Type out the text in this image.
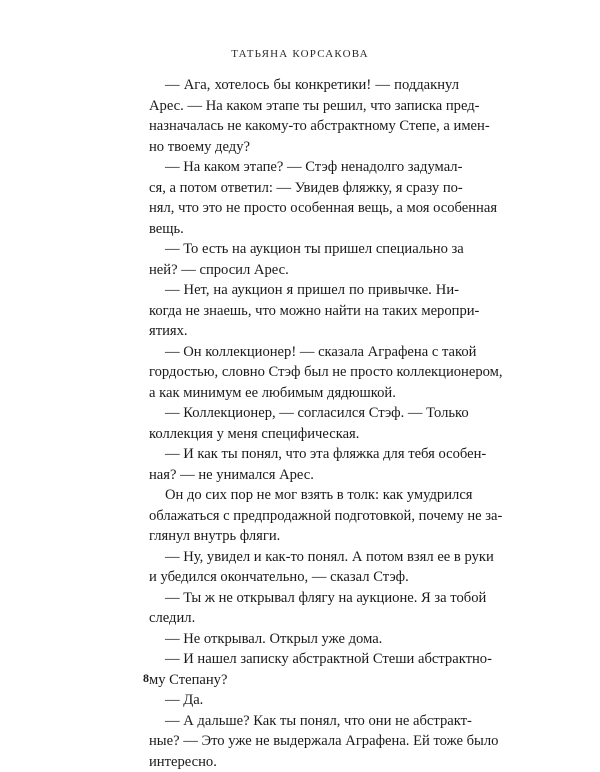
ТАТЬЯНА КОРСАКОВА
— Ага, хотелось бы конкретики! — поддакнул
Арес. — На каком этапе ты решил, что записка пред-
назначалась не какому-то абстрактному Степе, а имен-
но твоему деду?
— На каком этапе? — Стэф ненадолго задумал-
ся, а потом ответил: — Увидев фляжку, я сразу по-
нял, что это не просто особенная вещь, а моя особенная
вещь.
— То есть на аукцион ты пришел специально за
ней? — спросил Арес.
— Нет, на аукцион я пришел по привычке. Ни-
когда не знаешь, что можно найти на таких меропри-
ятиях.
— Он коллекционер! — сказала Аграфена с такой
гордостью, словно Стэф был не просто коллекционером,
а как минимум ее любимым дядюшкой.
— Коллекционер, — согласился Стэф. — Только
коллекция у меня специфическая.
— И как ты понял, что эта фляжка для тебя особен-
ная? — не унимался Арес.
Он до сих пор не мог взять в толк: как умудрился
облажаться с предпродажной подготовкой, почему не за-
глянул внутрь фляги.
— Ну, увидел и как-то понял. А потом взял ее в руки
и убедился окончательно, — сказал Стэф.
— Ты ж не открывал флягу на аукционе. Я за тобой
следил.
— Не открывал. Открыл уже дома.
— И нашел записку абстрактной Стеши абстрактно-
му Степану?
— Да.
— А дальше? Как ты понял, что они не абстракт-
ные? — Это уже не выдержала Аграфена. Ей тоже было
интересно.
8
